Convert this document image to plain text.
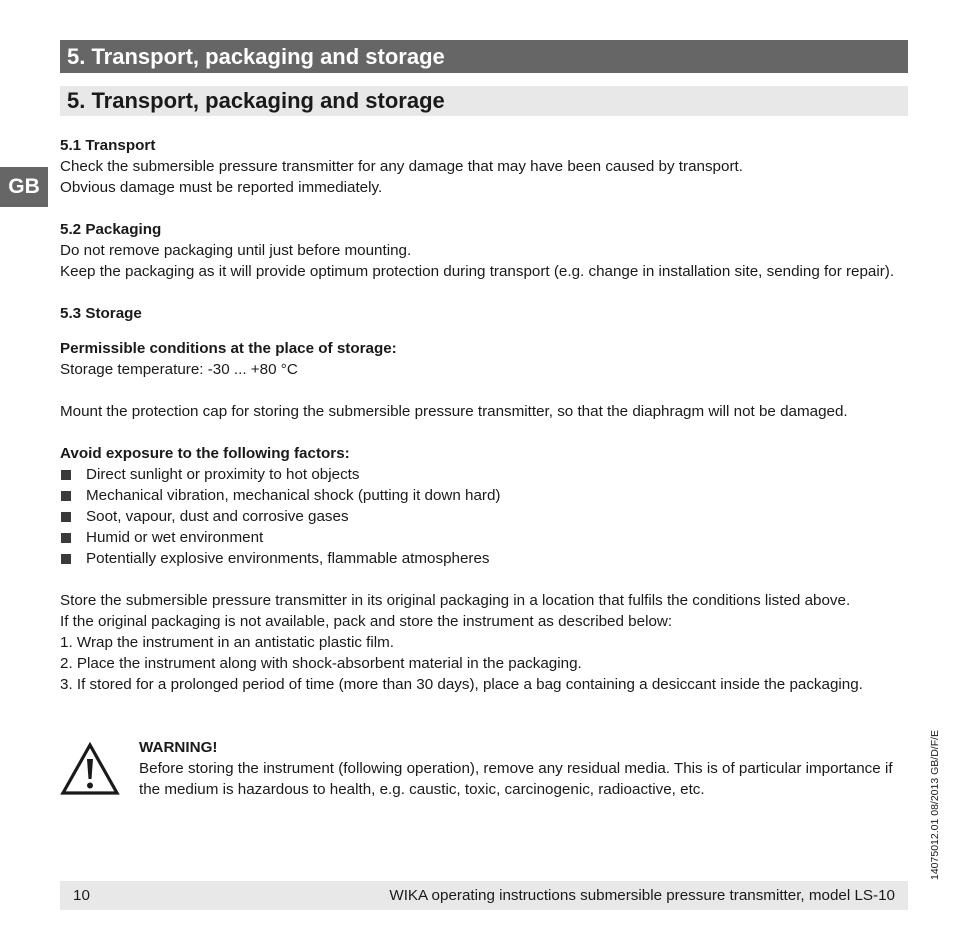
5. Transport, packaging and storage
5. Transport, packaging and storage
GB

5.1 Transport

Check the submersible pressure transmitter for any damage that may have been caused by transport.

Obvious damage must be reported immediately.

5.2 Packaging

Do not remove packaging until just before mounting.

Keep the packaging as it will provide optimum protection during transport (e.g. change in installation site, sending for repair).

5.3 Storage

Permissible conditions at the place of storage:

Storage temperature: -30 ... +80 °C

Mount the protection cap for storing the submersible pressure transmitter, so that the diaphragm will not be damaged.

Avoid exposure to the following factors:

Direct sunlight or proximity to hot objects
Mechanical vibration, mechanical shock (putting it down hard)
Soot, vapour, dust and corrosive gases
Humid or wet environment
Potentially explosive environments, flammable atmospheres

Store the submersible pressure transmitter in its original packaging in a location that fulfils the conditions listed above.

If the original packaging is not available, pack and store the instrument as described below:

1. Wrap the instrument in an antistatic plastic film.

2. Place the instrument along with shock-absorbent material in the packaging.

3. If stored for a prolonged period of time (more than 30 days), place a bag containing a desiccant inside the packaging.

WARNING!

Before storing the instrument (following operation), remove any residual media. This is of particular importance if the medium is hazardous to health, e.g. caustic, toxic, carcinogenic, radioactive, etc.

10	WIKA operating instructions submersible pressure transmitter, model LS-10
14075012.01 08/2013 GB/D/F/E
